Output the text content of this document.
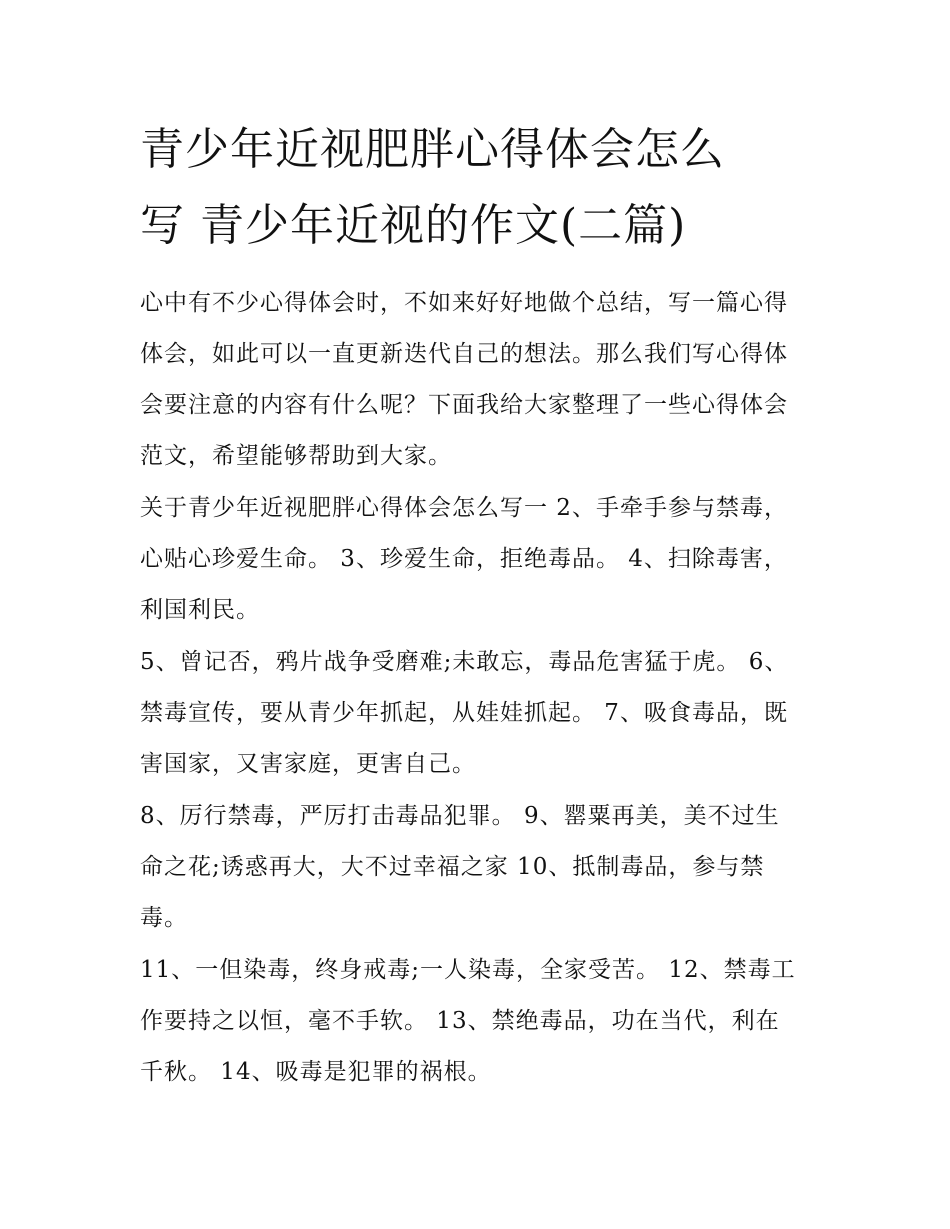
青少年近视肥胖心得体会怎么
写 青少年近视的作文(二篇)

心中有不少心得体会时，不如来好好地做个总结，写一篇心得
体会，如此可以一直更新迭代自己的想法。那么我们写心得体
会要注意的内容有什么呢？下面我给大家整理了一些心得体会
范文，希望能够帮助到大家。

关于青少年近视肥胖心得体会怎么写一 2、手牵手参与禁毒，
心贴心珍爱生命。 3、珍爱生命，拒绝毒品。 4、扫除毒害，
利国利民。

5、曾记否，鸦片战争受磨难;未敢忘，毒品危害猛于虎。 6、
禁毒宣传，要从青少年抓起，从娃娃抓起。 7、吸食毒品，既
害国家，又害家庭，更害自己。

8、厉行禁毒，严厉打击毒品犯罪。 9、罂粟再美，美不过生
命之花;诱惑再大，大不过幸福之家 10、抵制毒品，参与禁
毒。

11、一但染毒，终身戒毒;一人染毒，全家受苦。 12、禁毒工
作要持之以恒，毫不手软。 13、禁绝毒品，功在当代，利在
千秋。 14、吸毒是犯罪的祸根。
